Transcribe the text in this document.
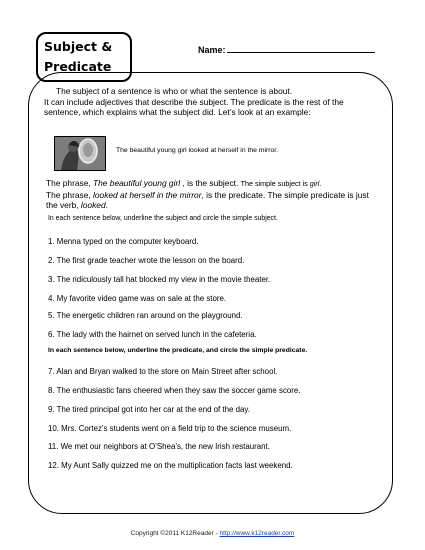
Subject &
Predicate
Name:

The subject of a sentence is who or what the sentence is about.

It can include adjectives that describe the subject. The predicate is the rest of the sentence, which explains what the subject did. Let’s look at an example:

The beautiful young girl looked at herself in the mirror.

The phrase, The beautiful young girl , is the subject. The simple subject is girl.

The phrase, looked at herself in the mirror, is the predicate. The simple predicate is just the verb, looked.

In each sentence below, underline the subject and circle the simple subject.
1. Menna typed on the computer keyboard.
2. The first grade teacher wrote the lesson on the board.
3. The ridiculously tall hat blocked my view in the movie theater.
4. My favorite video game was on sale at the store.
5. The energetic children ran around on the playground.
6. The lady with the hairnet on served lunch in the cafeteria.
In each sentence below, underline the predicate, and circle the simple predicate.
7. Alan and Bryan walked to the store on Main Street after school.
8. The enthusiastic fans cheered when they saw the soccer game score.
9. The tired principal got into her car at the end of the day.
10. Mrs. Cortez’s students went on a field trip to the science museum.
11. We met our neighbors at O’Shea’s, the new Irish restaurant.
12. My Aunt Sally quizzed me on the multiplication facts last weekend.
Copyright ©2011 K12Reader - http://www.k12reader.com
